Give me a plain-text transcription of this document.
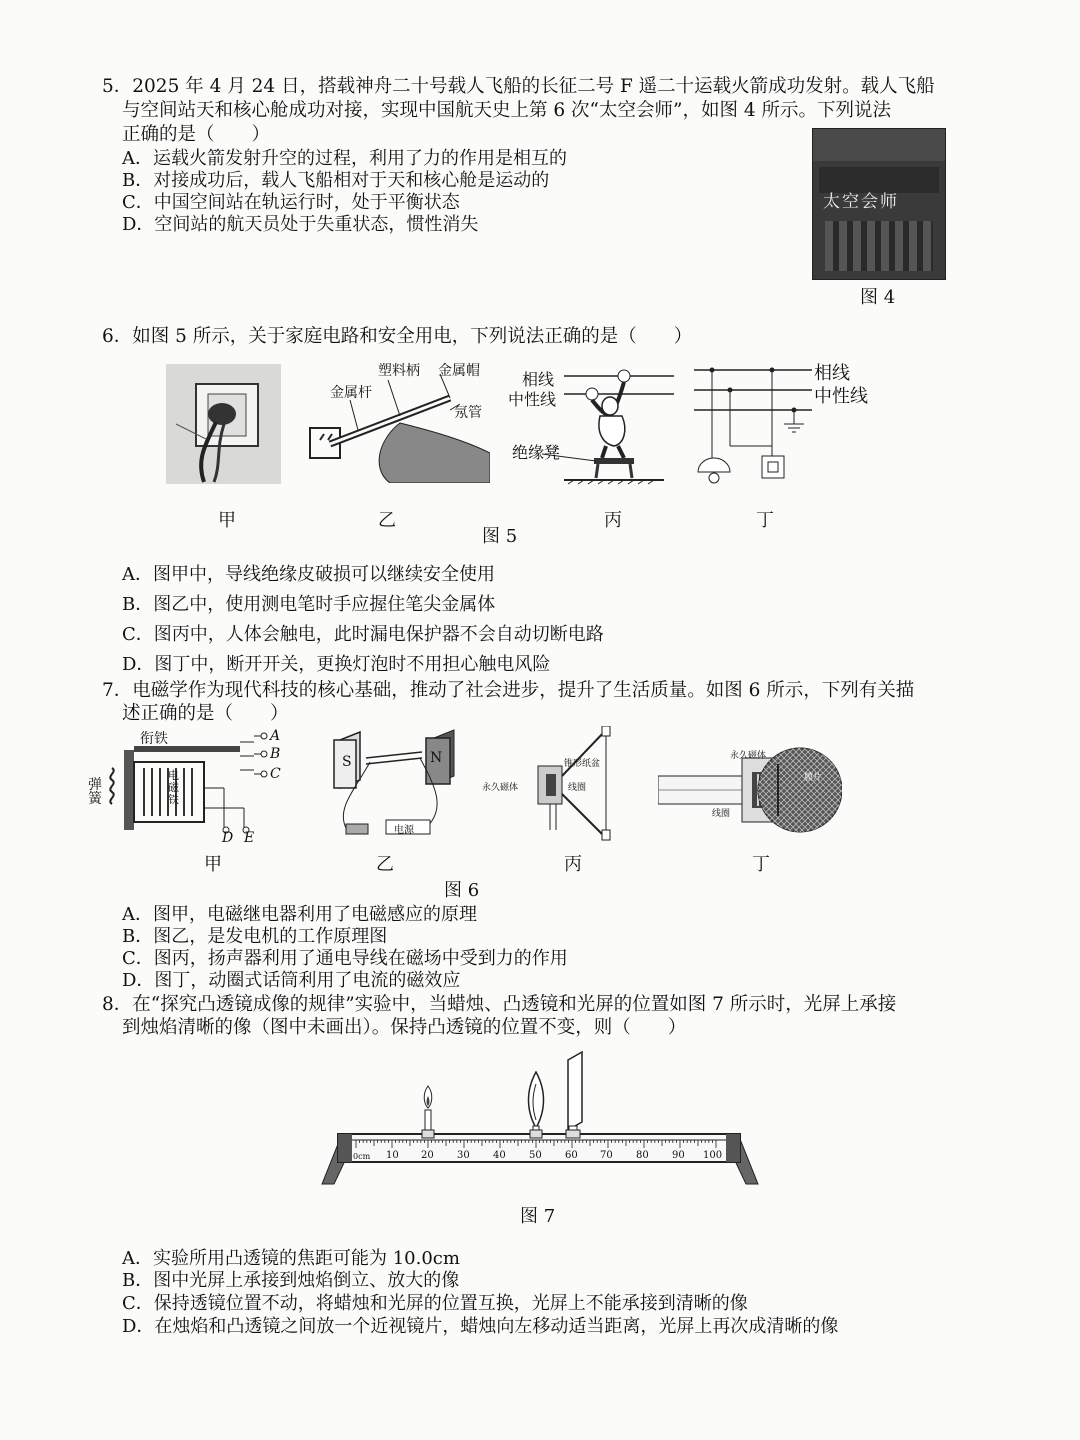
5．2025 年 4 月 24 日，搭载神舟二十号载人飞船的长征二号 F 遥二十运载火箭成功发射。载人飞船
与空间站天和核心舱成功对接，实现中国航天史上第 6 次“太空会师”，如图 4 所示。下列说法
正确的是（　　）
A．运载火箭发射升空的过程，利用了力的作用是相互的
B．对接成功后，载人飞船相对于天和核心舱是运动的
C．中国空间站在轨运行时，处于平衡状态
D．空间站的航天员处于失重状态，惯性消失
太空会师
图 4
6．如图 5 所示，关于家庭电路和安全用电，下列说法正确的是（　　）
金属杆
塑料柄 金属帽
氖管
相线
中性线
绝缘凳
相线
中性线
甲	乙	丙	丁
图 5
A．图甲中，导线绝缘皮破损可以继续安全使用
B．图乙中，使用测电笔时手应握住笔尖金属体
C．图丙中，人体会触电，此时漏电保护器不会自动切断电路
D．图丁中，断开开关，更换灯泡时不用担心触电风险
7．电磁学作为现代科技的核心基础，推动了社会进步，提升了生活质量。如图 6 所示，下列有关描
述正确的是（　　）
衔铁
弹簧
电磁铁
A
B
C
D E
S	N
电源
永久磁体
锥形纸盆
线圈
永久磁体
膜片
线圈
甲	乙	丙	丁
图 6
A．图甲，电磁继电器利用了电磁感应的原理
B．图乙，是发电机的工作原理图
C．图丙，扬声器利用了通电导线在磁场中受到力的作用
D．图丁，动圈式话筒利用了电流的磁效应
8．在“探究凸透镜成像的规律”实验中，当蜡烛、凸透镜和光屏的位置如图 7 所示时，光屏上承接
到烛焰清晰的像（图中未画出）。保持凸透镜的位置不变，则（　　）
0cm 10 20 30 40 50 60 70 80 90 100
图 7
A．实验所用凸透镜的焦距可能为 10.0cm
B．图中光屏上承接到烛焰倒立、放大的像
C．保持透镜位置不动，将蜡烛和光屏的位置互换，光屏上不能承接到清晰的像
D．在烛焰和凸透镜之间放一个近视镜片，蜡烛向左移动适当距离，光屏上再次成清晰的像
